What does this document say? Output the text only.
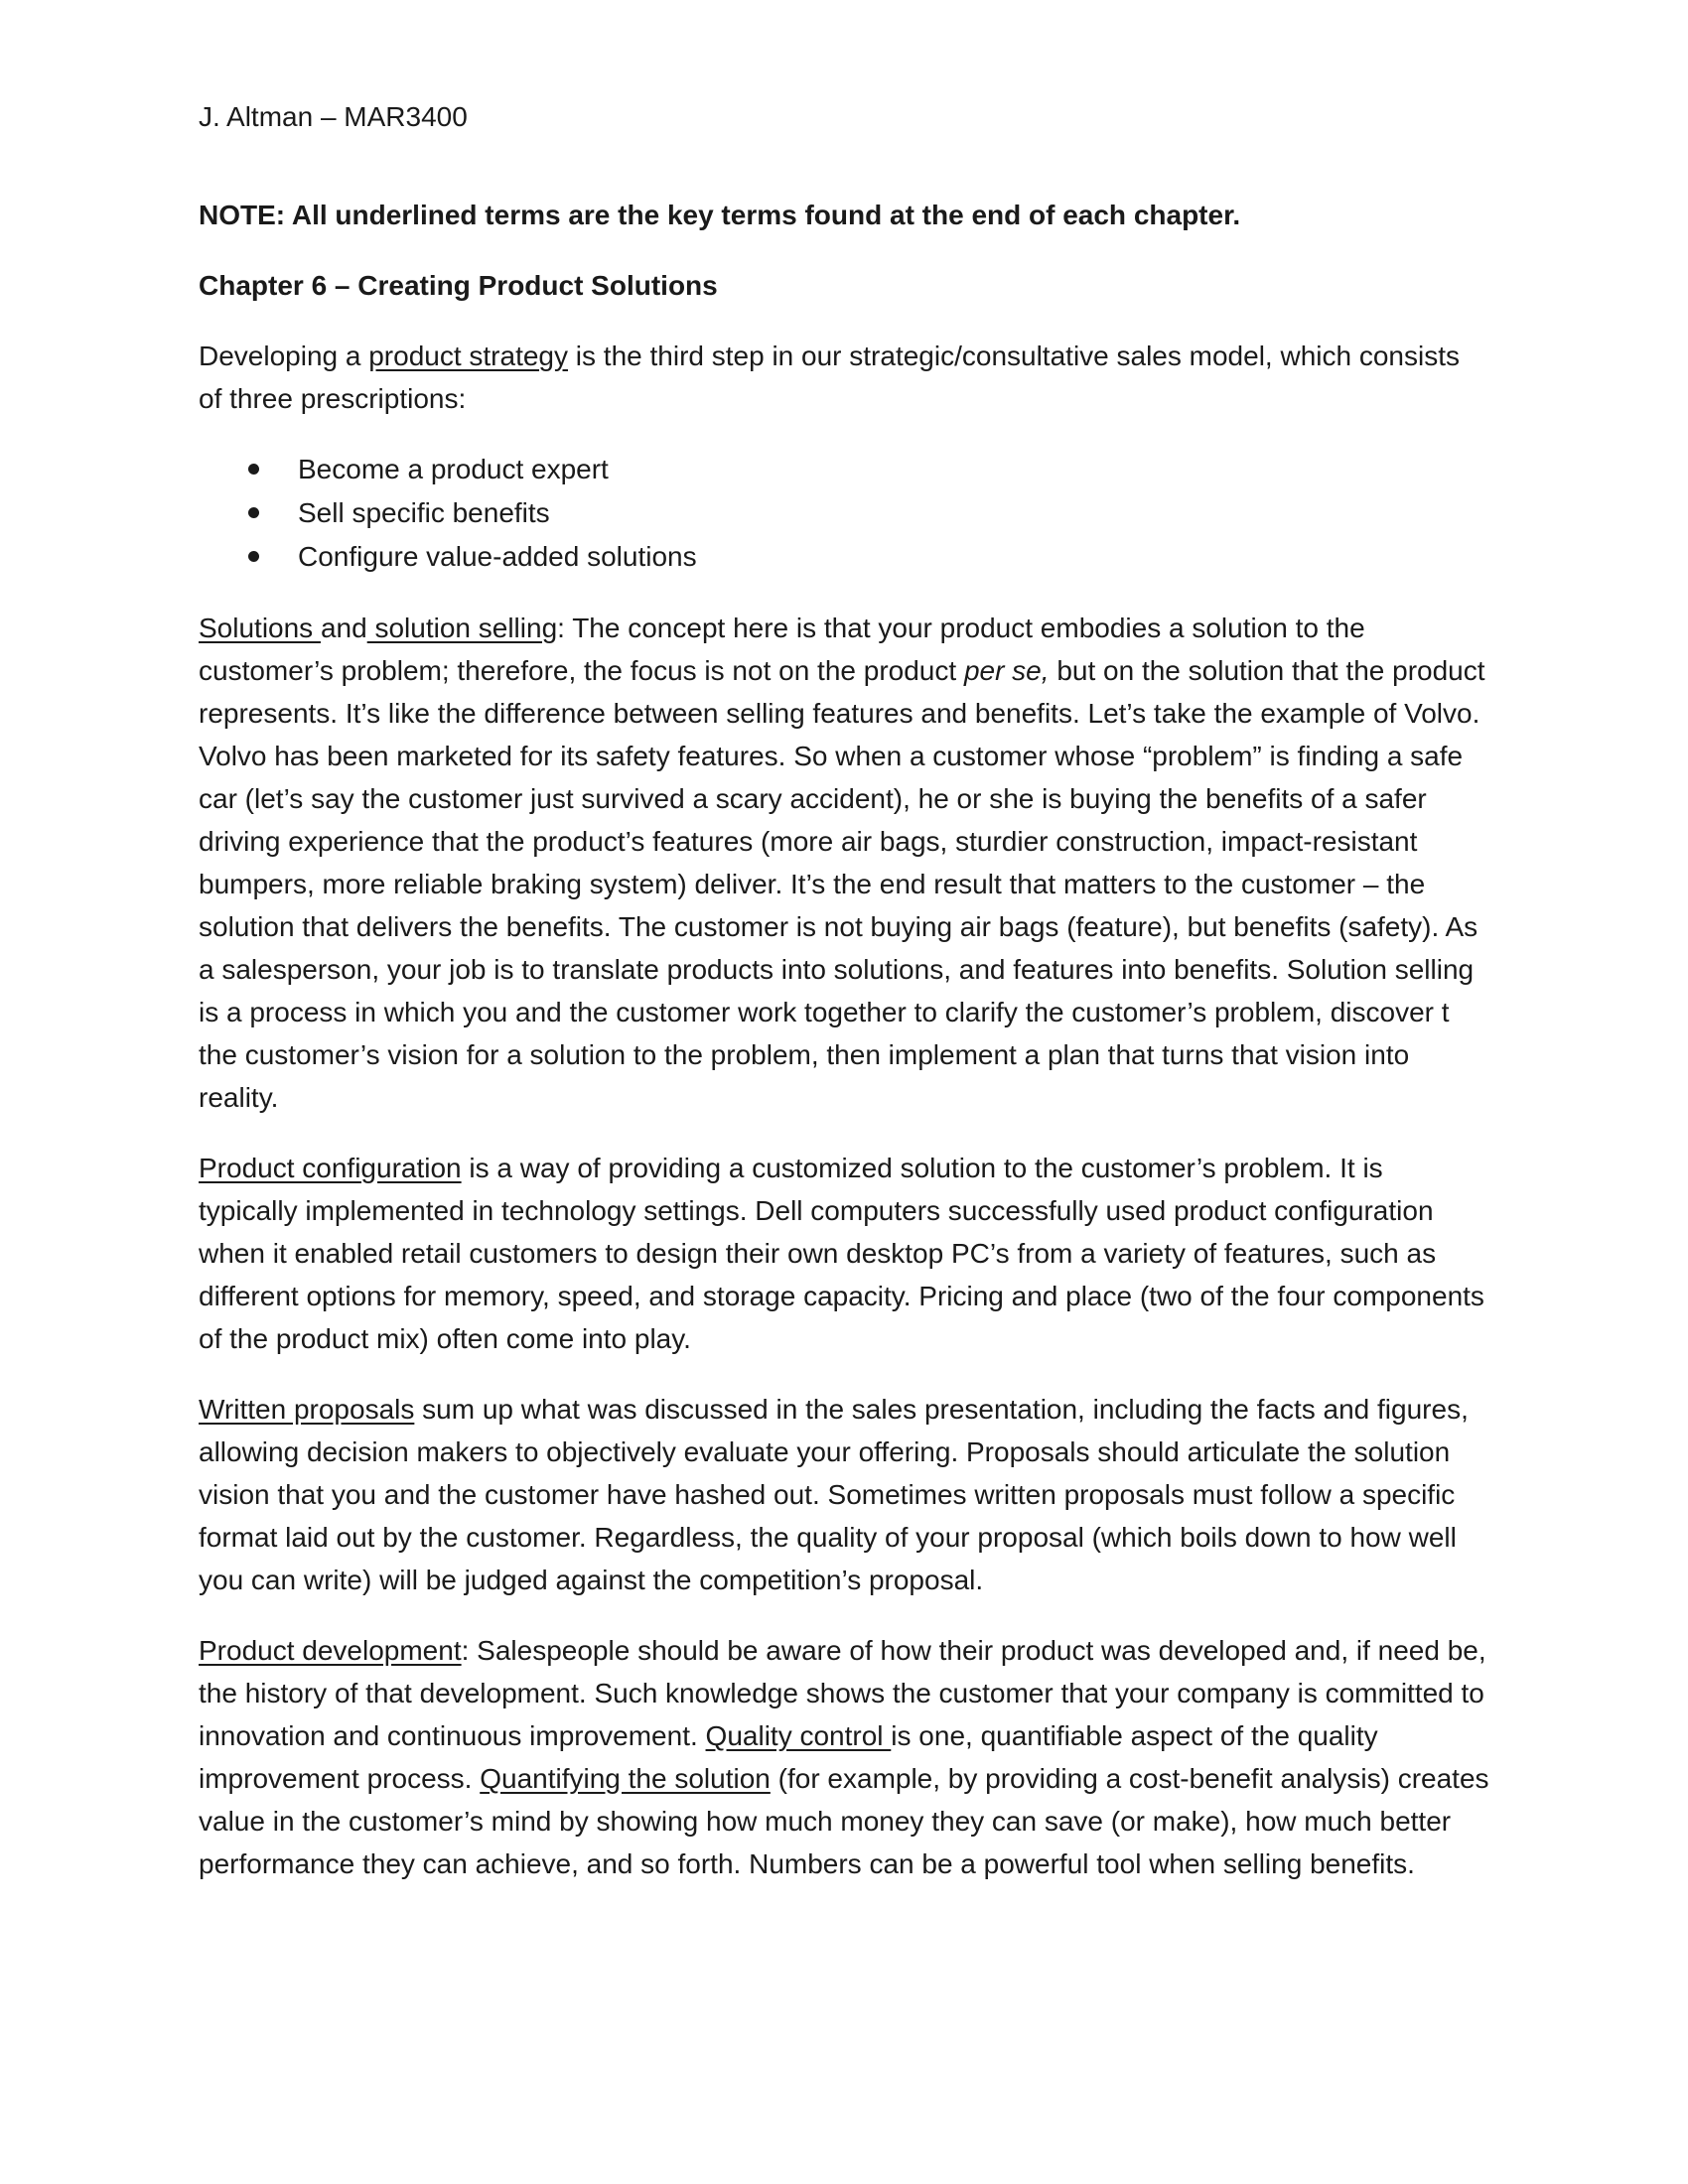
J. Altman – MAR3400

NOTE: All underlined terms are the key terms found at the end of each chapter.

Chapter 6 – Creating Product Solutions

Developing a product strategy is the third step in our strategic/consultative sales model, which consists of three prescriptions:

Become a product expert
Sell specific benefits
Configure value-added solutions

Solutions and solution selling: The concept here is that your product embodies a solution to the customer’s problem; therefore, the focus is not on the product per se, but on the solution that the product represents. It’s like the difference between selling features and benefits. Let’s take the example of Volvo. Volvo has been marketed for its safety features. So when a customer whose “problem” is finding a safe car (let’s say the customer just survived a scary accident), he or she is buying the benefits of a safer driving experience that the product’s features (more air bags, sturdier construction, impact-resistant bumpers, more reliable braking system) deliver. It’s the end result that matters to the customer – the solution that delivers the benefits. The customer is not buying air bags (feature), but benefits (safety). As a salesperson, your job is to translate products into solutions, and features into benefits. Solution selling is a process in which you and the customer work together to clarify the customer’s problem, discover t the customer’s vision for a solution to the problem, then implement a plan that turns that vision into reality.

Product configuration is a way of providing a customized solution to the customer’s problem. It is typically implemented in technology settings. Dell computers successfully used product configuration when it enabled retail customers to design their own desktop PC’s from a variety of features, such as different options for memory, speed, and storage capacity. Pricing and place (two of the four components of the product mix) often come into play.

Written proposals sum up what was discussed in the sales presentation, including the facts and figures, allowing decision makers to objectively evaluate your offering. Proposals should articulate the solution vision that you and the customer have hashed out. Sometimes written proposals must follow a specific format laid out by the customer. Regardless, the quality of your proposal (which boils down to how well you can write) will be judged against the competition’s proposal.

Product development: Salespeople should be aware of how their product was developed and, if need be, the history of that development. Such knowledge shows the customer that your company is committed to innovation and continuous improvement. Quality control is one, quantifiable aspect of the quality improvement process. Quantifying the solution (for example, by providing a cost-benefit analysis) creates value in the customer’s mind by showing how much money they can save (or make), how much better performance they can achieve, and so forth. Numbers can be a powerful tool when selling benefits.
